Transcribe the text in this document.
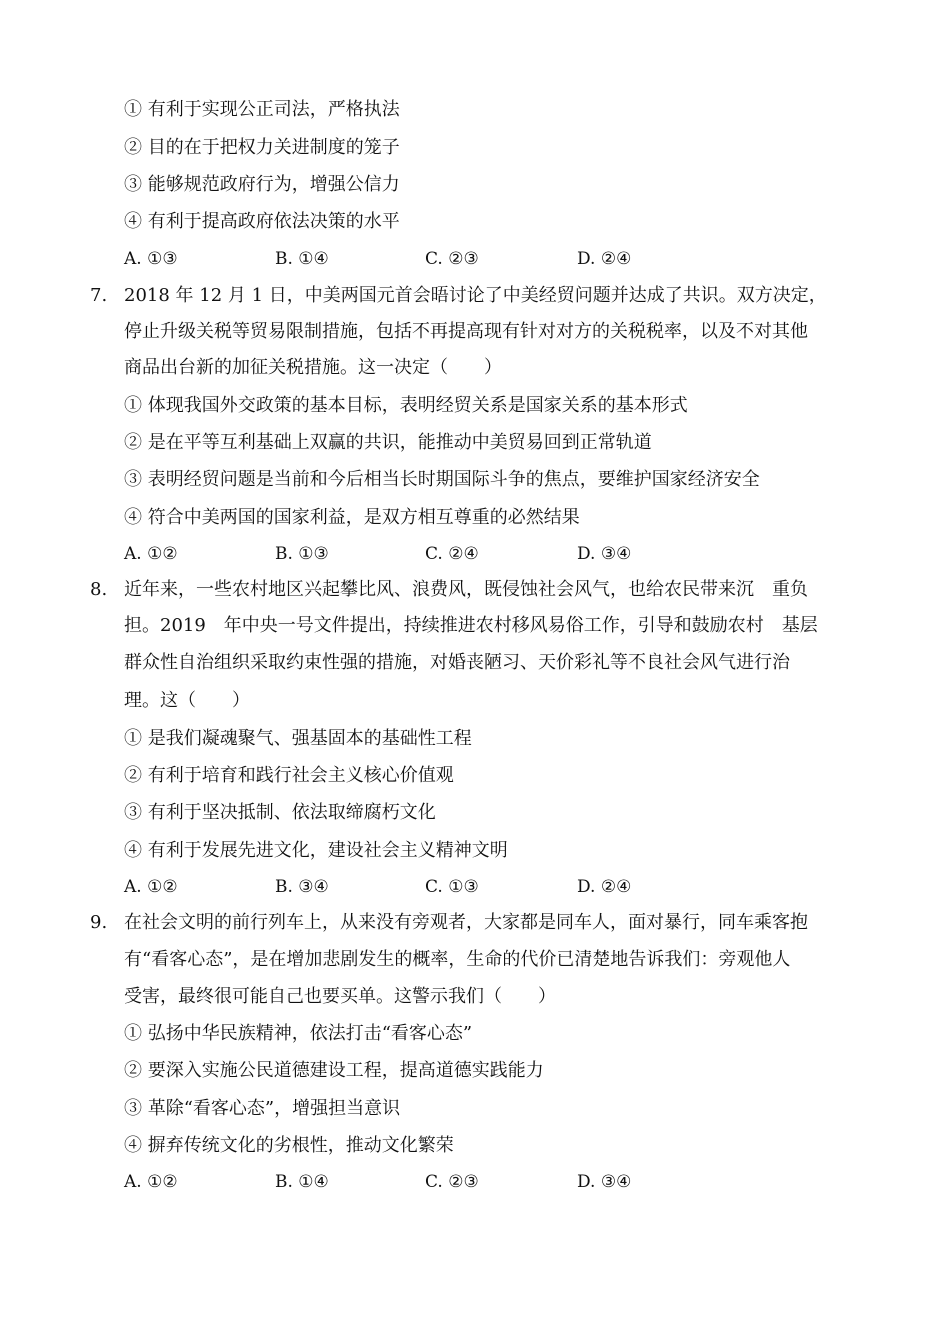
① 有利于实现公正司法，严格执法
② 目的在于把权力关进制度的笼子
③ 能够规范政府行为，增强公信力
④ 有利于提高政府依法决策的水平
A. ①③	B. ①④	C. ②③	D. ②④
7. 2018 年 12 月 1 日，中美两国元首会晤讨论了中美经贸问题并达成了共识。双方决定，
停止升级关税等贸易限制措施，包括不再提高现有针对对方的关税税率，以及不对其他
商品出台新的加征关税措施。这一决定（　　）
① 体现我国外交政策的基本目标，表明经贸关系是国家关系的基本形式
② 是在平等互利基础上双赢的共识，能推动中美贸易回到正常轨道
③ 表明经贸问题是当前和今后相当长时期国际斗争的焦点，要维护国家经济安全
④ 符合中美两国的国家利益，是双方相互尊重的必然结果
A. ①②	B. ①③	C. ②④	D. ③④
8. 近年来，一些农村地区兴起攀比风、浪费风，既侵蚀社会风气，也给农民带来沉　重负
担。2019　年中央一号文件提出，持续推进农村移风易俗工作，引导和鼓励农村　基层
群众性自治组织采取约束性强的措施，对婚丧陋习、天价彩礼等不良社会风气进行治
理。这（　　）
① 是我们凝魂聚气、强基固本的基础性工程
② 有利于培育和践行社会主义核心价值观
③ 有利于坚决抵制、依法取缔腐朽文化
④ 有利于发展先进文化，建设社会主义精神文明
A. ①②	B. ③④	C. ①③	D. ②④
9. 在社会文明的前行列车上，从来没有旁观者，大家都是同车人，面对暴行，同车乘客抱
有“看客心态”，是在增加悲剧发生的概率，生命的代价已清楚地告诉我们：旁观他人
受害，最终很可能自己也要买单。这警示我们（　　）
① 弘扬中华民族精神，依法打击“看客心态”
② 要深入实施公民道德建设工程，提高道德实践能力
③ 革除“看客心态”，增强担当意识
④ 摒弃传统文化的劣根性，推动文化繁荣
A. ①②	B. ①④	C. ②③	D. ③④
